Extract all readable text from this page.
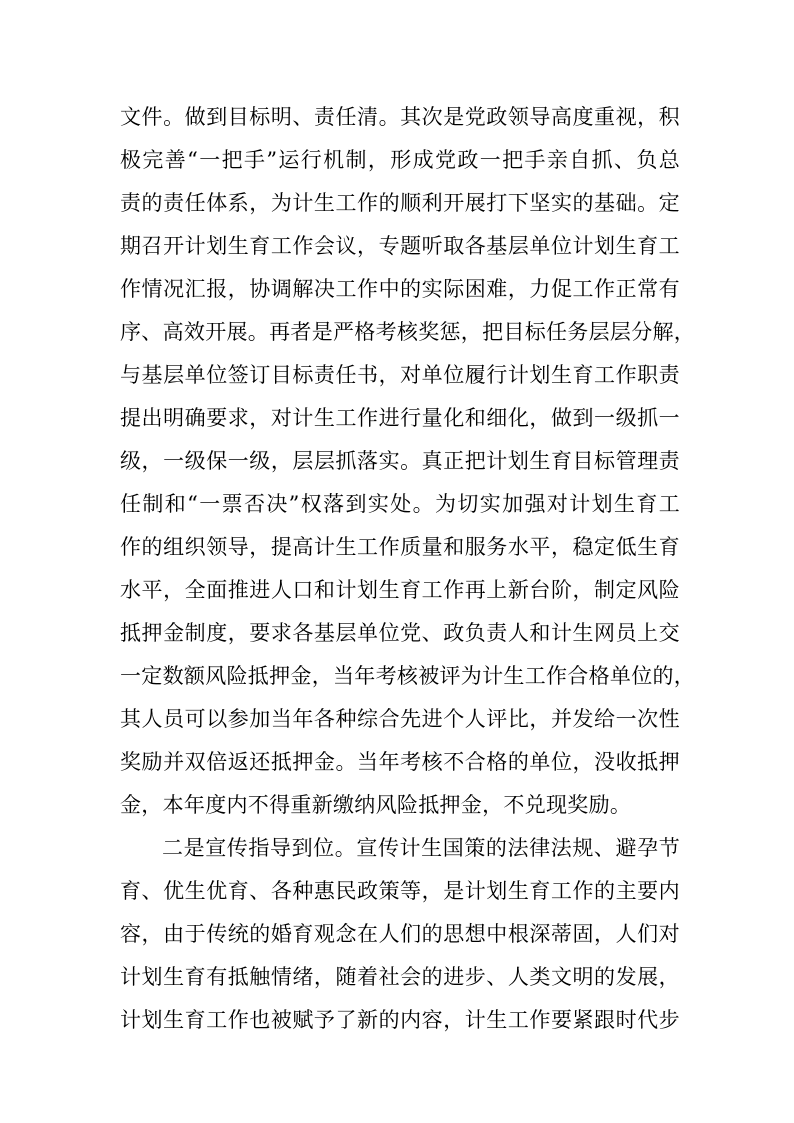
文件。做到目标明、责任清。其次是党政领导高度重视，积

极完善“一把手”运行机制，形成党政一把手亲自抓、负总

责的责任体系，为计生工作的顺利开展打下坚实的基础。定

期召开计划生育工作会议，专题听取各基层单位计划生育工

作情况汇报，协调解决工作中的实际困难，力促工作正常有

序、高效开展。再者是严格考核奖惩，把目标任务层层分解，

与基层单位签订目标责任书，对单位履行计划生育工作职责

提出明确要求，对计生工作进行量化和细化，做到一级抓一

级，一级保一级，层层抓落实。真正把计划生育目标管理责

任制和“一票否决”权落到实处。为切实加强对计划生育工

作的组织领导，提高计生工作质量和服务水平，稳定低生育

水平，全面推进人口和计划生育工作再上新台阶，制定风险

抵押金制度，要求各基层单位党、政负责人和计生网员上交

一定数额风险抵押金，当年考核被评为计生工作合格单位的，

其人员可以参加当年各种综合先进个人评比，并发给一次性

奖励并双倍返还抵押金。当年考核不合格的单位，没收抵押

金，本年度内不得重新缴纳风险抵押金，不兑现奖励。

二是宣传指导到位。宣传计生国策的法律法规、避孕节

育、优生优育、各种惠民政策等，是计划生育工作的主要内

容，由于传统的婚育观念在人们的思想中根深蒂固，人们对

计划生育有抵触情绪，随着社会的进步、人类文明的发展，

计划生育工作也被赋予了新的内容，计生工作要紧跟时代步
